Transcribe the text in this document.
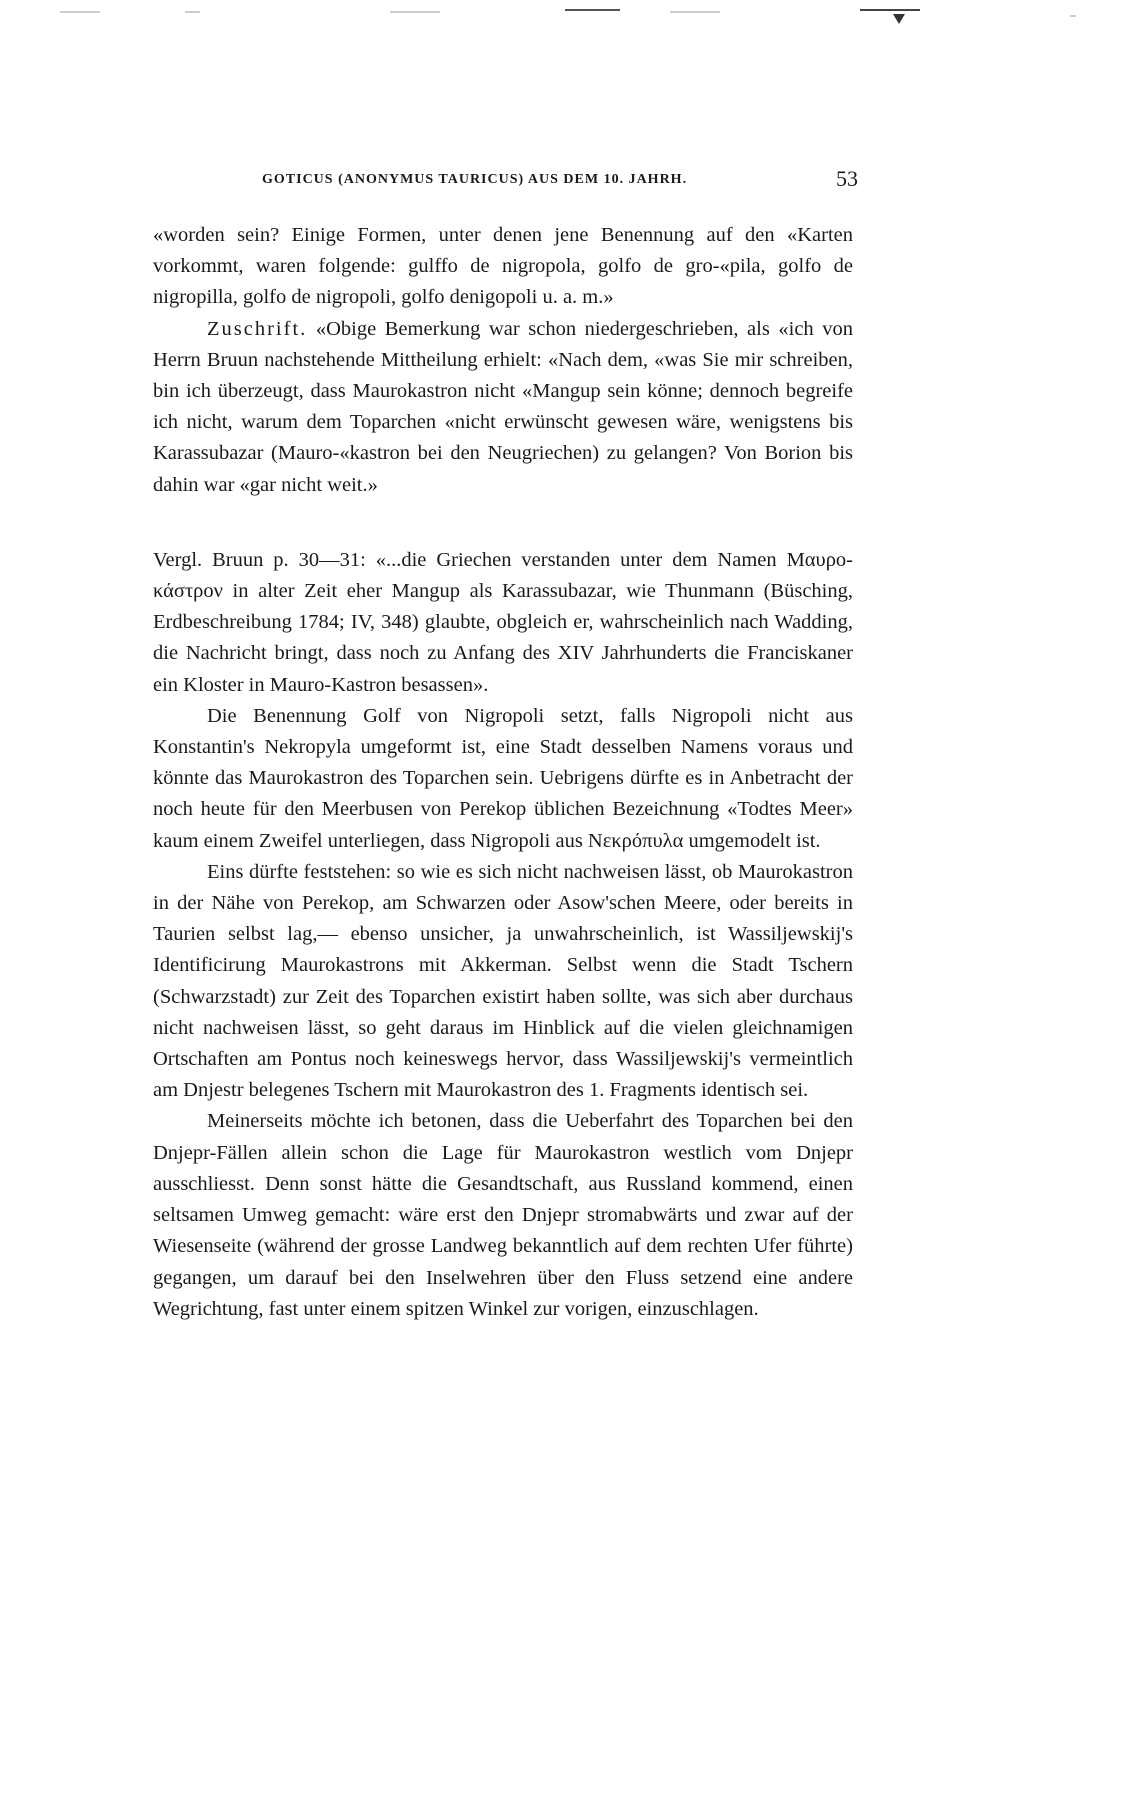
GOTICUS (ANONYMUS TAURICUS) AUS DEM 10. JAHRH.	53

«worden sein? Einige Formen, unter denen jene Benennung auf den «Karten vorkommt, waren folgende: gulffo de nigropola, golfo de gro-«pila, golfo de nigropilla, golfo de nigropoli, golfo denigopoli u. a. m.»

Zuschrift. «Obige Bemerkung war schon niedergeschrieben, als «ich von Herrn Bruun nachstehende Mittheilung erhielt: «Nach dem, «was Sie mir schreiben, bin ich überzeugt, dass Maurokastron nicht «Mangup sein könne; dennoch begreife ich nicht, warum dem Toparchen «nicht erwünscht gewesen wäre, wenigstens bis Karassubazar (Mauro-«kastron bei den Neugriechen) zu gelangen? Von Borion bis dahin war «gar nicht weit.»

Vergl. Bruun p. 30—31: «...die Griechen verstanden unter dem Namen Μαυρο-κάστρον in alter Zeit eher Mangup als Karassubazar, wie Thunmann (Büsching, Erdbeschreibung 1784; IV, 348) glaubte, obgleich er, wahrscheinlich nach Wadding, die Nachricht bringt, dass noch zu Anfang des XIV Jahrhunderts die Franciskaner ein Kloster in Mauro-Kastron besassen».

Die Benennung Golf von Nigropoli setzt, falls Nigropoli nicht aus Konstantin's Nekropyla umgeformt ist, eine Stadt desselben Namens voraus und könnte das Maurokastron des Toparchen sein. Uebrigens dürfte es in Anbetracht der noch heute für den Meerbusen von Perekop üblichen Bezeichnung «Todtes Meer» kaum einem Zweifel unterliegen, dass Nigropoli aus Νεκρόπυλα umgemodelt ist.

Eins dürfte feststehen: so wie es sich nicht nachweisen lässt, ob Maurokastron in der Nähe von Perekop, am Schwarzen oder Asow'schen Meere, oder bereits in Taurien selbst lag,— ebenso unsicher, ja unwahrscheinlich, ist Wassiljewskij's Identificirung Maurokastrons mit Akkerman. Selbst wenn die Stadt Tschern (Schwarzstadt) zur Zeit des Toparchen existirt haben sollte, was sich aber durchaus nicht nachweisen lässt, so geht daraus im Hinblick auf die vielen gleichnamigen Ortschaften am Pontus noch keineswegs hervor, dass Wassiljewskij's vermeintlich am Dnjestr belegenes Tschern mit Maurokastron des 1. Fragments identisch sei.

Meinerseits möchte ich betonen, dass die Ueberfahrt des Toparchen bei den Dnjepr-Fällen allein schon die Lage für Maurokastron westlich vom Dnjepr ausschliesst. Denn sonst hätte die Gesandtschaft, aus Russland kommend, einen seltsamen Umweg gemacht: wäre erst den Dnjepr stromabwärts und zwar auf der Wiesenseite (während der grosse Landweg bekanntlich auf dem rechten Ufer führte) gegangen, um darauf bei den Inselwehren über den Fluss setzend eine andere Wegrichtung, fast unter einem spitzen Winkel zur vorigen, einzuschlagen.
